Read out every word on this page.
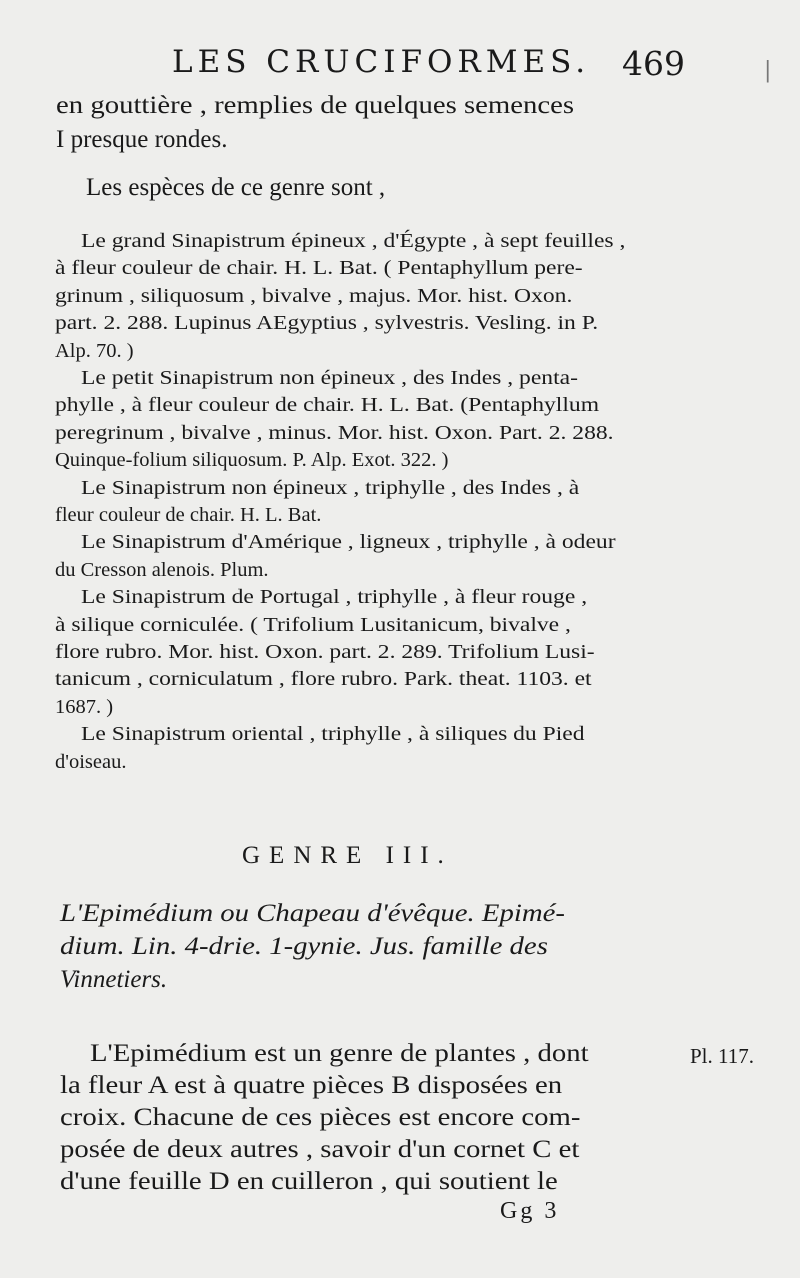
LES CRUCIFORMES. 469	|
en gouttière , remplies de quelques semences
I presque rondes.
Les espèces de ce genre sont ,
Le grand Sinapistrum épineux , d'Égypte , à sept feuilles ,
à fleur couleur de chair. H. L. Bat. ( Pentaphyllum pere-
grinum , siliquosum , bivalve , majus. Mor. hist. Oxon.
part. 2. 288. Lupinus AEgyptius , sylvestris. Vesling. in P.
Alp. 70. )
Le petit Sinapistrum non épineux , des Indes , penta-
phylle , à fleur couleur de chair. H. L. Bat. (Pentaphyllum
peregrinum , bivalve , minus. Mor. hist. Oxon. Part. 2. 288.
Quinque-folium siliquosum. P. Alp. Exot. 322. )
Le Sinapistrum non épineux , triphylle , des Indes , à
fleur couleur de chair. H. L. Bat.
Le Sinapistrum d'Amérique , ligneux , triphylle , à odeur
du Cresson alenois. Plum.
Le Sinapistrum de Portugal , triphylle , à fleur rouge ,
à silique corniculée. ( Trifolium Lusitanicum, bivalve ,
flore rubro. Mor. hist. Oxon. part. 2. 289. Trifolium Lusi-
tanicum , corniculatum , flore rubro. Park. theat. 1103. et
1687. )
Le Sinapistrum oriental , triphylle , à siliques du Pied
d'oiseau.
GENRE III.
L'Epimédium ou Chapeau d'évêque. Epimé-
dium. Lin. 4-drie. 1-gynie. Jus. famille des
Vinnetiers.
L'Epimédium est un genre de plantes , dont
la fleur A est à quatre pièces B disposées en
croix. Chacune de ces pièces est encore com-
posée de deux autres , savoir d'un cornet C et
d'une feuille D en cuilleron , qui soutient le
Pl. 117.
Gg 3
